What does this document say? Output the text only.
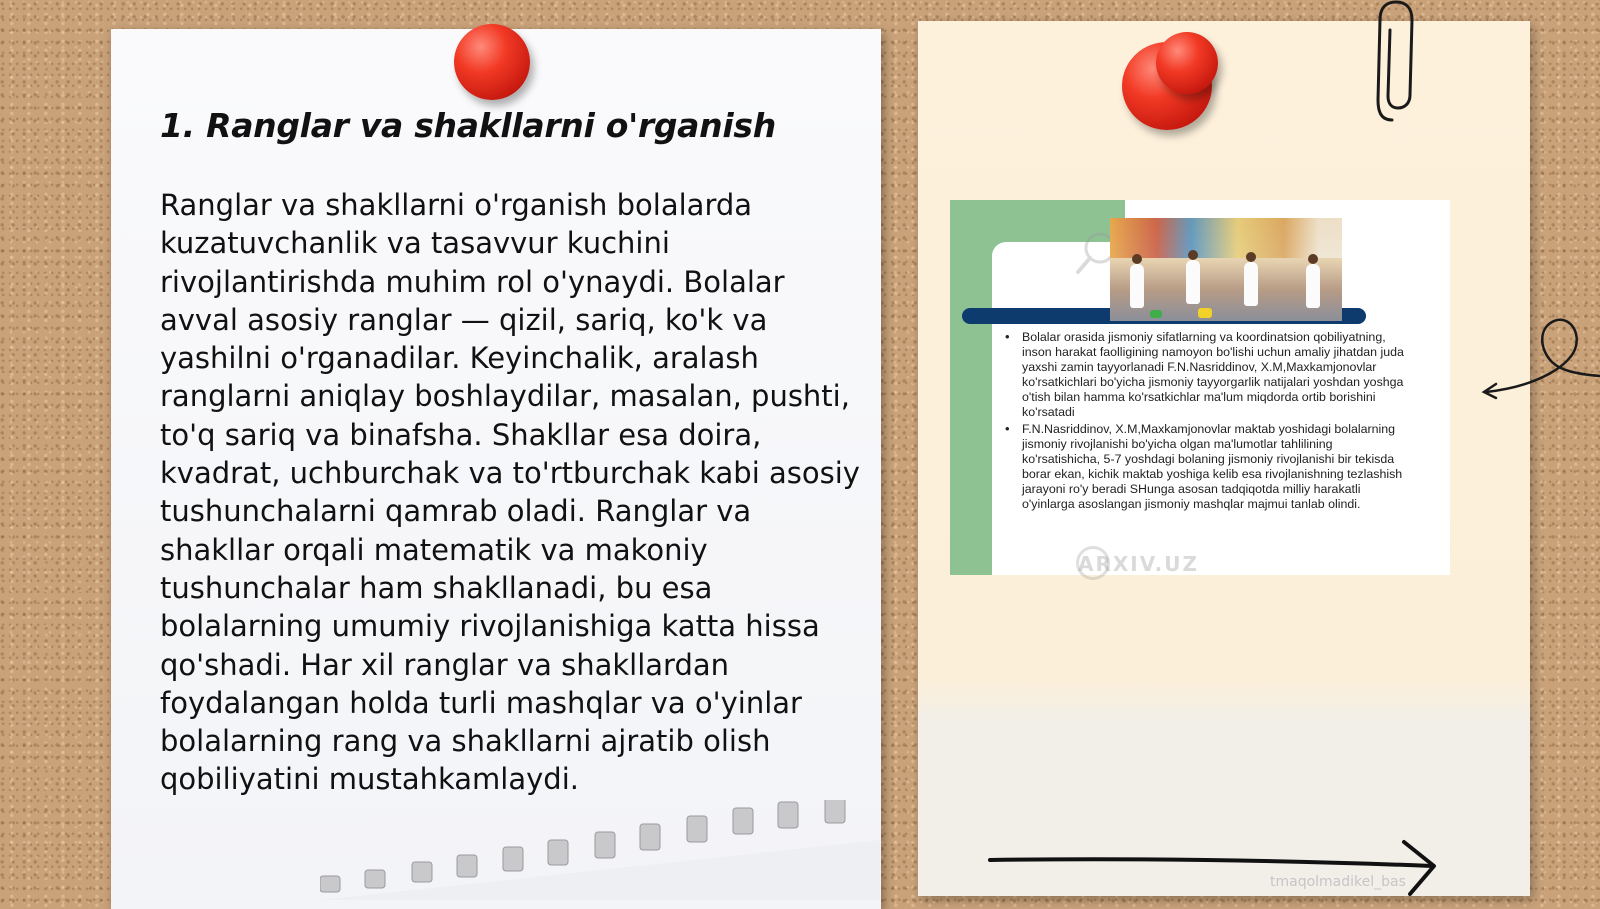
1. Ranglar va shakllarni o'rganish

Ranglar va shakllarni o'rganish bolalarda kuzatuvchanlik va tasavvur kuchini rivojlantirishda muhim rol o'ynaydi. Bolalar avval asosiy ranglar — qizil, sariq, ko'k va yashilni o'rganadilar. Keyinchalik, aralash ranglarni aniqlay boshlaydilar, masalan, pushti, to'q sariq va binafsha. Shakllar esa doira, kvadrat, uchburchak va to'rtburchak kabi asosiy tushunchalarni qamrab oladi. Ranglar va shakllar orqali matematik va makoniy tushunchalar ham shakllanadi, bu esa bolalarning umumiy rivojlanishiga katta hissa qo'shadi. Har xil ranglar va shakllardan foydalangan holda turli mashqlar va o'yinlar bolalarning rang va shakllarni ajratib olish qobiliyatini mustahkamlaydi.

• Bolalar orasida jismoniy sifatlarning va koordinatsion qobiliyatning, inson harakat faolligining namoyon bo'lishi uchun amaliy jihatdan juda yaxshi zamin tayyorlanadi F.N.Nasriddinov, X.M,Maxkamjonovlar ko'rsatkichlari bo'yicha jismoniy tayyorgarlik natijalari yoshdan yoshga o'tish bilan hamma ko'rsatkichlar ma'lum miqdorda ortib borishini ko'rsatadi
• F.N.Nasriddinov, X.M,Maxkamjonovlar maktab yoshidagi bolalarning jismoniy rivojlanishi bo'yicha olgan ma'lumotlar tahlilining ko'rsatishicha, 5-7 yoshdagi bolaning jismoniy rivojlanishi bir tekisda borar ekan, kichik maktab yoshiga kelib esa rivojlanishning tezlashish jarayoni ro'y beradi SHunga asosan tadqiqotda milliy harakatli o'yinlarga asoslangan jismoniy mashqlar majmui tanlab olindi.
ARXIV.UZ
tmaqolmadikel_bas
